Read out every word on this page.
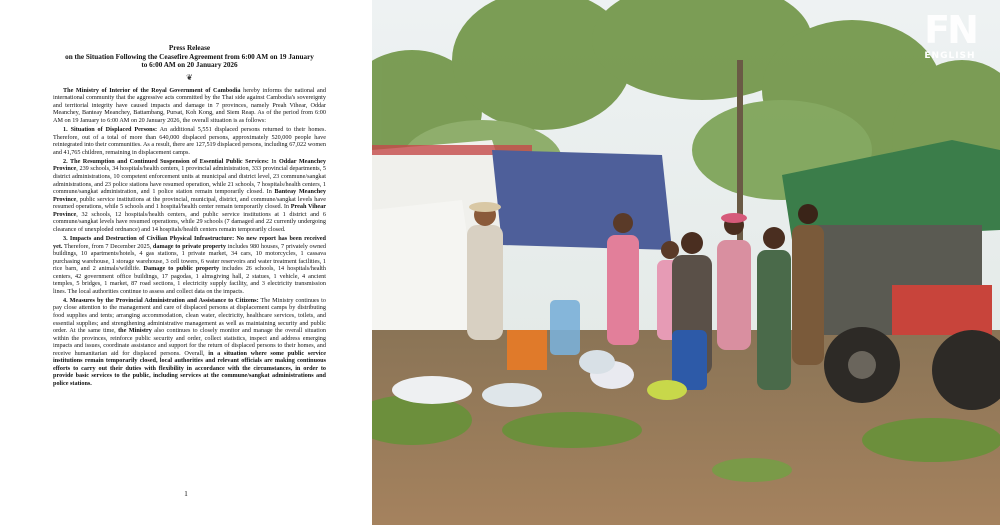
Press Release
on the Situation Following the Ceasefire Agreement from 6:00 AM on 19 January
to 6:00 AM on 20 January 2026
❦

The Ministry of Interior of the Royal Government of Cambodia hereby informs the national and international community that the aggressive acts committed by the Thai side against Cambodia's sovereignty and territorial integrity have caused impacts and damage in 7 provinces, namely Preah Vihear, Oddar Meanchey, Banteay Meanchey, Battambang, Pursat, Koh Kong, and Siem Reap. As of the period from 6:00 AM on 19 January to 6:00 AM on 20 January 2026, the overall situation is as follows:

1. Situation of Displaced Persons: An additional 5,551 displaced persons returned to their homes. Therefore, out of a total of more than 640,000 displaced persons, approximately 520,000 people have reintegrated into their communities. As a result, there are 127,519 displaced persons, including 67,022 women and 41,765 children, remaining in displacement camps.

2. The Resumption and Continued Suspension of Essential Public Services: In Oddar Meanchey Province, 239 schools, 34 hospitals/health centers, 1 provincial administration, 333 provincial departments, 5 district administrations, 10 competent enforcement units at municipal and district level, 23 commune/sangkat administrations, and 23 police stations have resumed operation, while 21 schools, 7 hospitals/health centers, 1 commune/sangkat administration, and 1 police station remain temporarily closed. In Banteay Meanchey Province, public service institutions at the provincial, municipal, district, and commune/sangkat levels have resumed operations, while 5 schools and 1 hospital/health center remain temporarily closed. In Preah Vihear Province, 32 schools, 12 hospitals/health centers, and public service institutions at 1 district and 6 commune/sangkat levels have resumed operations, while 29 schools (7 damaged and 22 currently undergoing clearance of unexploded ordnance) and 14 hospitals/health centers remain temporarily closed.

3. Impacts and Destruction of Civilian Physical Infrastructure: No new report has been received yet. Therefore, from 7 December 2025, damage to private property includes 980 houses, 7 privately owned buildings, 10 apartments/hotels, 4 gas stations, 1 private market, 34 cars, 10 motorcycles, 1 cassava purchasing warehouse, 1 storage warehouse, 3 cell towers, 6 water reservoirs and water treatment facilities, 1 rice barn, and 2 animals/wildlife. Damage to public property includes 26 schools, 14 hospitals/health centers, 42 government office buildings, 17 pagodas, 1 almsgiving hall, 2 statues, 1 vehicle, 4 ancient temples, 5 bridges, 1 market, 87 road sections, 1 electricity supply facility, and 3 electricity transmission lines. The local authorities continue to assess and collect data on the impacts.

4. Measures by the Provincial Administration and Assistance to Citizens: The Ministry continues to pay close attention to the management and care of displaced persons at displacement camps by distributing food supplies and tents; arranging accommodation, clean water, electricity, healthcare services, toilets, and essential supplies; and strengthening administrative management as well as maintaining security and public order. At the same time, the Ministry also continues to closely monitor and manage the overall situation within the provinces, reinforce public security and order, collect statistics, inspect and address emerging impacts and issues, coordinate assistance and support for the return of displaced persons to their homes, and receive humanitarian aid for displaced persons. Overall, in a situation where some public service institutions remain temporarily closed, local authorities and relevant officials are making continuous efforts to carry out their duties with flexibility in accordance with the circumstances, in order to provide basic services to the public, including services at the commune/sangkat administrations and police stations.

1
FN
ENGLISH
